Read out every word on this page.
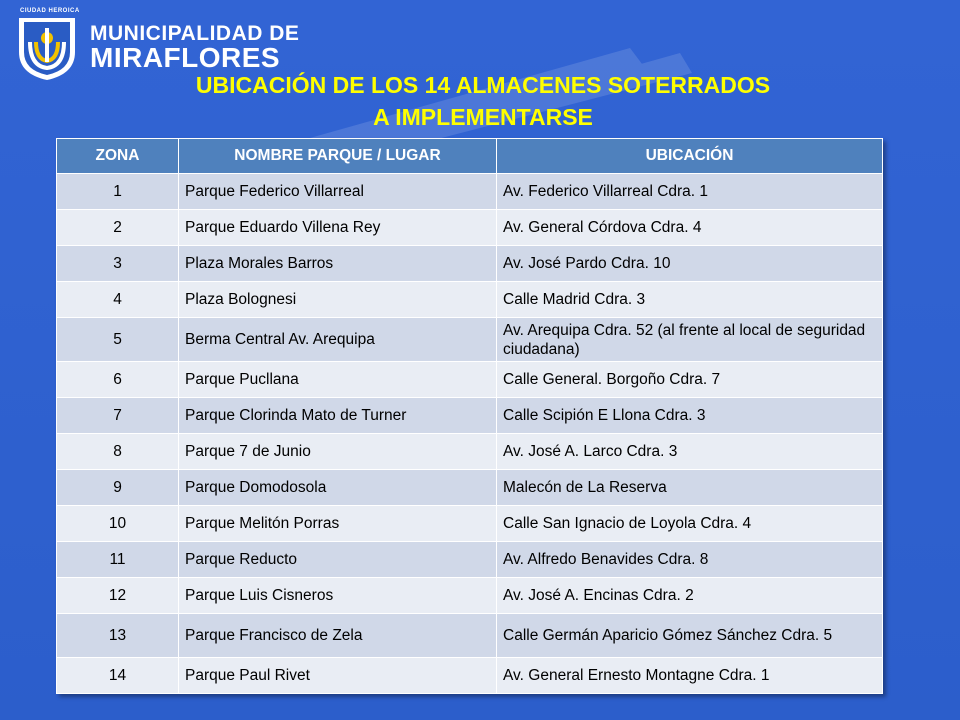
CIUDAD HEROICA
MUNICIPALIDAD DE
MIRAFLORES
UBICACIÓN DE LOS 14 ALMACENES SOTERRADOS
A IMPLEMENTARSE
ZONA	NOMBRE PARQUE / LUGAR	UBICACIÓN
1	Parque Federico Villarreal	Av. Federico Villarreal Cdra. 1
2	Parque Eduardo Villena Rey	Av. General Córdova Cdra. 4
3	Plaza Morales Barros	Av. José Pardo Cdra. 10
4	Plaza Bolognesi	Calle Madrid Cdra. 3
5	Berma Central Av. Arequipa	Av. Arequipa Cdra. 52 (al frente al local de seguridad ciudadana)
6	Parque Pucllana	Calle General. Borgoño Cdra. 7
7	Parque Clorinda Mato de Turner	Calle Scipión E Llona Cdra. 3
8	Parque 7 de Junio	Av. José A. Larco Cdra. 3
9	Parque Domodosola	Malecón de La Reserva
10	Parque Melitón Porras	Calle San Ignacio de Loyola Cdra. 4
11	Parque Reducto	Av. Alfredo Benavides Cdra. 8
12	Parque Luis Cisneros	Av. José A. Encinas Cdra. 2
13	Parque Francisco de Zela	Calle Germán Aparicio Gómez Sánchez Cdra. 5
14	Parque Paul Rivet	Av. General Ernesto Montagne Cdra. 1
